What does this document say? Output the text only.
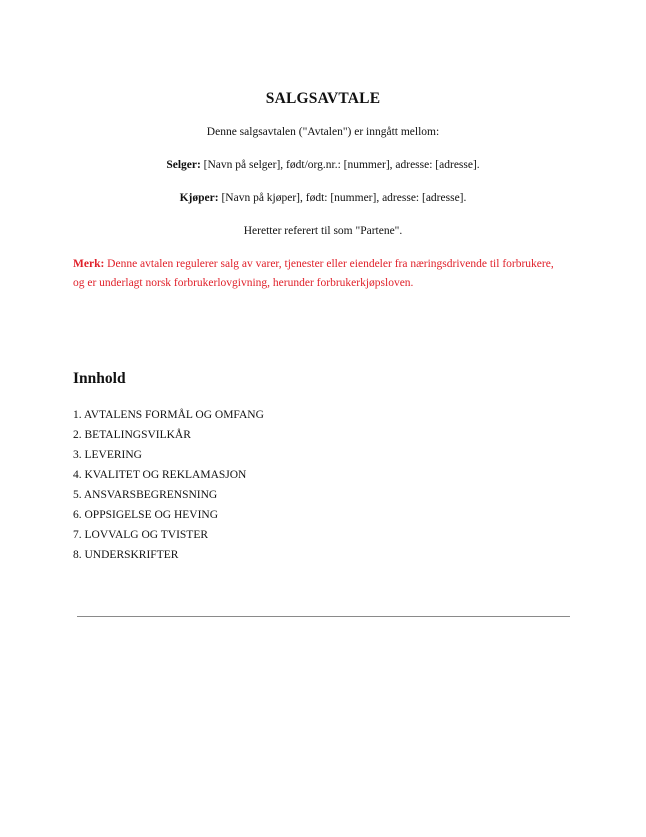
SALGSAVTALE
Denne salgsavtalen ("Avtalen") er inngått mellom:
Selger: [Navn på selger], født/org.nr.: [nummer], adresse: [adresse].
Kjøper: [Navn på kjøper], født: [nummer], adresse: [adresse].
Heretter referert til som "Partene".
Merk: Denne avtalen regulerer salg av varer, tjenester eller eiendeler fra næringsdrivende til forbrukere,
og er underlagt norsk forbrukerlovgivning, herunder forbrukerkjøpsloven.
Innhold
1. AVTALENS FORMÅL OG OMFANG
2. BETALINGSVILKÅR
3. LEVERING
4. KVALITET OG REKLAMASJON
5. ANSVARSBEGRENSNING
6. OPPSIGELSE OG HEVING
7. LOVVALG OG TVISTER
8. UNDERSKRIFTER
